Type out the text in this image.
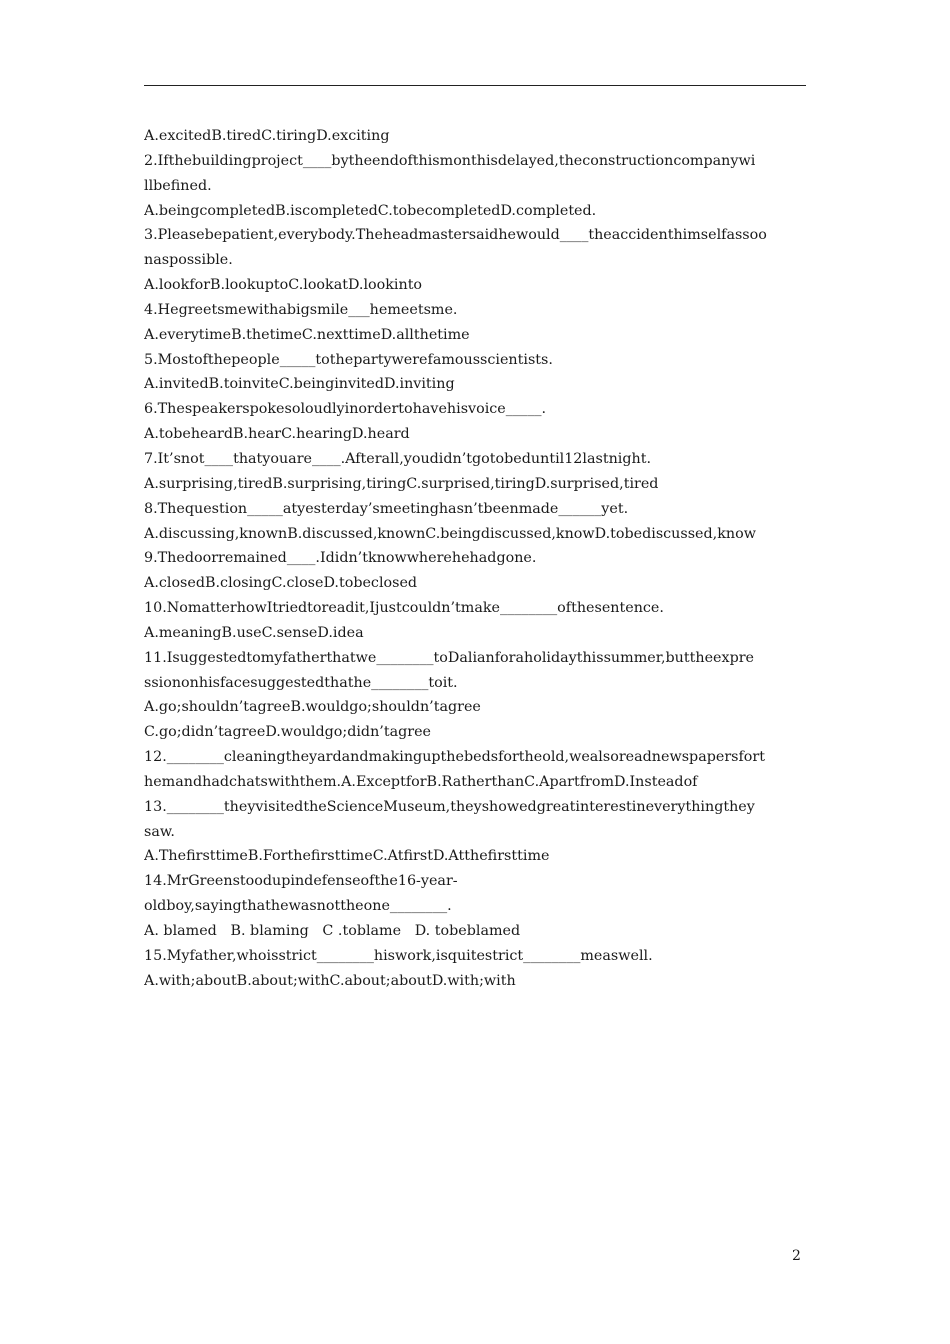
A.excitedB.tiredC.tiringD.exciting
2.Ifthebuildingproject____bytheendofthismonthisdelayed,theconstructioncompanywi
llbefined.
A.beingcompletedB.iscompletedC.tobecompletedD.completed.
3.Pleasebepatient,everybody.Theheadmastersaidhewould____theaccidenthimselfassoo
naspossible.
A.lookforB.lookuptoC.lookatD.lookinto
4.Hegreetsmewithabigsmile___hemeetsme.
A.everytimeB.thetimeC.nexttimeD.allthetime
5.Mostofthepeople_____tothepartywerefamousscientists.
A.invitedB.toinviteC.beinginvitedD.inviting
6.Thespeakerspokesoloudlyinordertohavehisvoice_____.
A.tobeheardB.hearC.hearingD.heard
7.It’snot____thatyouare____.Afterall,youdidn’tgotobeduntil12lastnight.
A.surprising,tiredB.surprising,tiringC.surprised,tiringD.surprised,tired
8.Thequestion_____atyesterday’smeetinghasn’tbeenmade______yet.
A.discussing,knownB.discussed,knownC.beingdiscussed,knowD.tobediscussed,know
9.Thedoorremained____.Ididn’tknowwherehehadgone.
A.closedB.closingC.closeD.tobeclosed
10.NomatterhowItriedtoreadit,Ijustcouldn’tmake________ofthesentence.
A.meaningB.useC.senseD.idea
11.Isuggestedtomyfatherthatwe________toDalianforaholidaythissummer,buttheexpre
ssiononhisfacesuggestedthathe________toit.
A.go;shouldn’tagreeB.wouldgo;shouldn’tagree
C.go;didn’tagreeD.wouldgo;didn’tagree
12.________cleaningtheyardandmakingupthebedsfortheold,wealsoreadnewspapersfort
hemandhadchatswiththem.A.ExceptforB.RatherthanC.ApartfromD.Insteadof
13.________theyvisitedtheScienceMuseum,theyshowedgreatinterestineverythingthey
saw.
A.ThefirsttimeB.ForthefirsttimeC.AtfirstD.Atthefirsttime
14.MrGreenstoodupindefenseofthe16-year-
oldboy,sayingthathewasnottheone________.
A. blamed   B. blaming   C .toblame   D. tobeblamed
15.Myfather,whoisstrict________hiswork,isquitestrict________measwell.
A.with;aboutB.about;withC.about;aboutD.with;with
2
